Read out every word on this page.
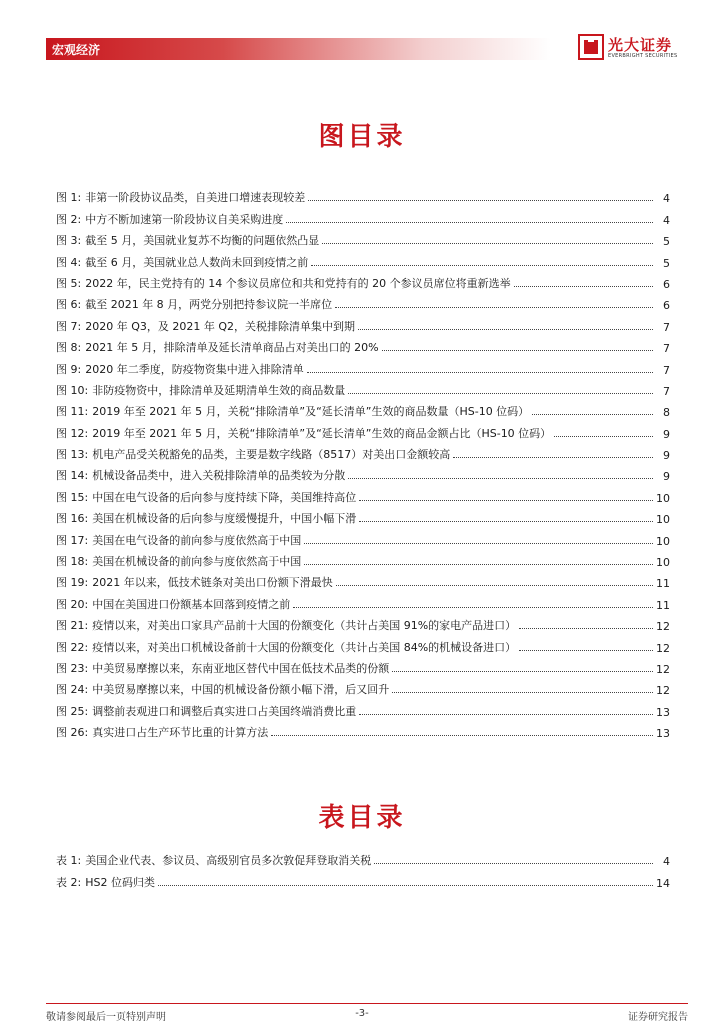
宏观经济	光大证券
EVERBRIGHT SECURITIES
图目录
图 1: 非第一阶段协议品类，自美进口增速表现较差	4
图 2: 中方不断加速第一阶段协议自美采购进度	4
图 3: 截至 5 月，美国就业复苏不均衡的问题依然凸显	5
图 4: 截至 6 月，美国就业总人数尚未回到疫情之前	5
图 5: 2022 年，民主党持有的 14 个参议员席位和共和党持有的 20 个参议员席位将重新选举	6
图 6: 截至 2021 年 8 月，两党分别把持参议院一半席位	6
图 7: 2020 年 Q3，及 2021 年 Q2，关税排除清单集中到期	7
图 8: 2021 年 5 月，排除清单及延长清单商品占对美出口的 20%	7
图 9: 2020 年二季度，防疫物资集中进入排除清单	7
图 10: 非防疫物资中，排除清单及延期清单生效的商品数量	7
图 11: 2019 年至 2021 年 5 月，关税“排除清单”及“延长清单”生效的商品数量（HS-10 位码）	8
图 12: 2019 年至 2021 年 5 月，关税“排除清单”及“延长清单”生效的商品金额占比（HS-10 位码）	9
图 13: 机电产品受关税豁免的品类，主要是数字线路（8517）对美出口金额较高	9
图 14: 机械设备品类中，进入关税排除清单的品类较为分散	9
图 15: 中国在电气设备的后向参与度持续下降，美国维持高位	10
图 16: 美国在机械设备的后向参与度缓慢提升，中国小幅下滑	10
图 17: 美国在电气设备的前向参与度依然高于中国	10
图 18: 美国在机械设备的前向参与度依然高于中国	10
图 19: 2021 年以来，低技术链条对美出口份额下滑最快	11
图 20: 中国在美国进口份额基本回落到疫情之前	11
图 21: 疫情以来，对美出口家具产品前十大国的份额变化（共计占美国 91%的家电产品进口）	12
图 22: 疫情以来，对美出口机械设备前十大国的份额变化（共计占美国 84%的机械设备进口）	12
图 23: 中美贸易摩擦以来，东南亚地区替代中国在低技术品类的份额	12
图 24: 中美贸易摩擦以来，中国的机械设备份额小幅下滑，后又回升	12
图 25: 调整前表观进口和调整后真实进口占美国终端消费比重	13
图 26: 真实进口占生产环节比重的计算方法	13
表目录
表 1: 美国企业代表、参议员、高级别官员多次敦促拜登取消关税	4
表 2: HS2 位码归类	14
敬请参阅最后一页特别声明	-3-	证券研究报告
